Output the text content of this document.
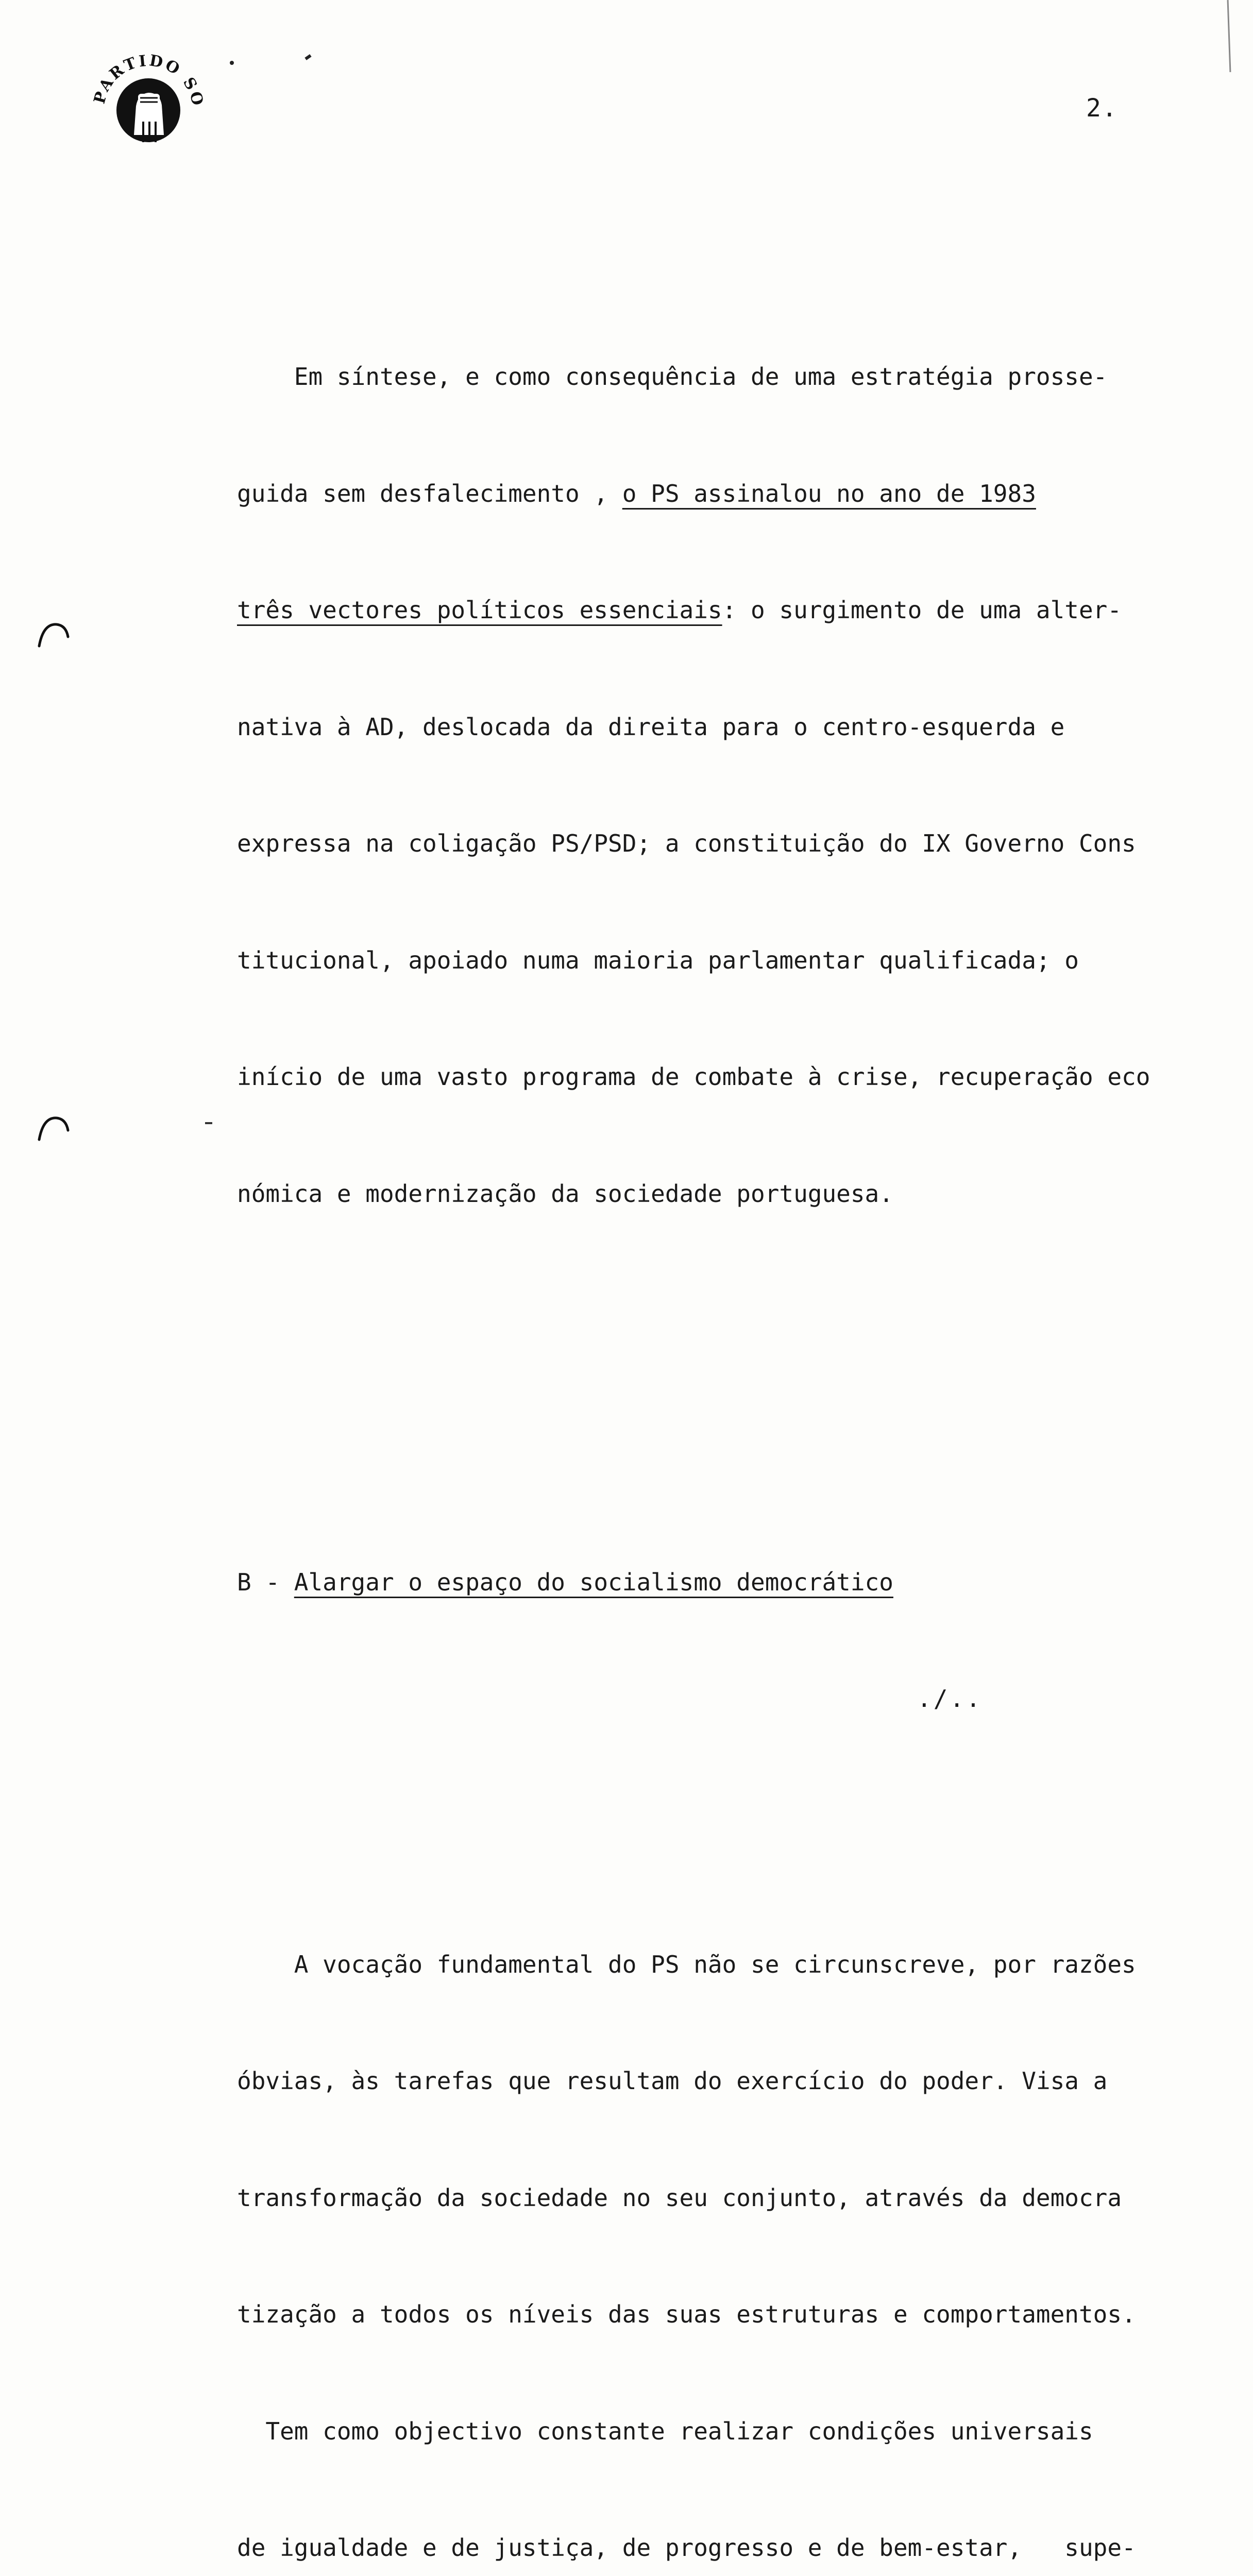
PARTIDO SO	2.

Em síntese, e como consequência de uma estratégia prosse-

guida sem desfalecimento , o PS assinalou no ano de 1983

três vectores políticos essenciais: o surgimento de uma alter-

nativa à AD, deslocada da direita para o centro-esquerda e

expressa na coligação PS/PSD; a constituição do IX Governo Cons

titucional, apoiado numa maioria parlamentar qualificada; o

início de uma vasto programa de combate à crise, recuperação eco

nómica e modernização da sociedade portuguesa.

B - Alargar o espaço do socialismo democrático

A vocação fundamental do PS não se circunscreve, por razões

óbvias, às tarefas que resultam do exercício do poder. Visa a

transformação da sociedade no seu conjunto, através da democra

tização a todos os níveis das suas estruturas e comportamentos.

Tem como objectivo constante realizar condições universais

de igualdade e de justiça, de progresso e de bem-estar,   supe-

./..
